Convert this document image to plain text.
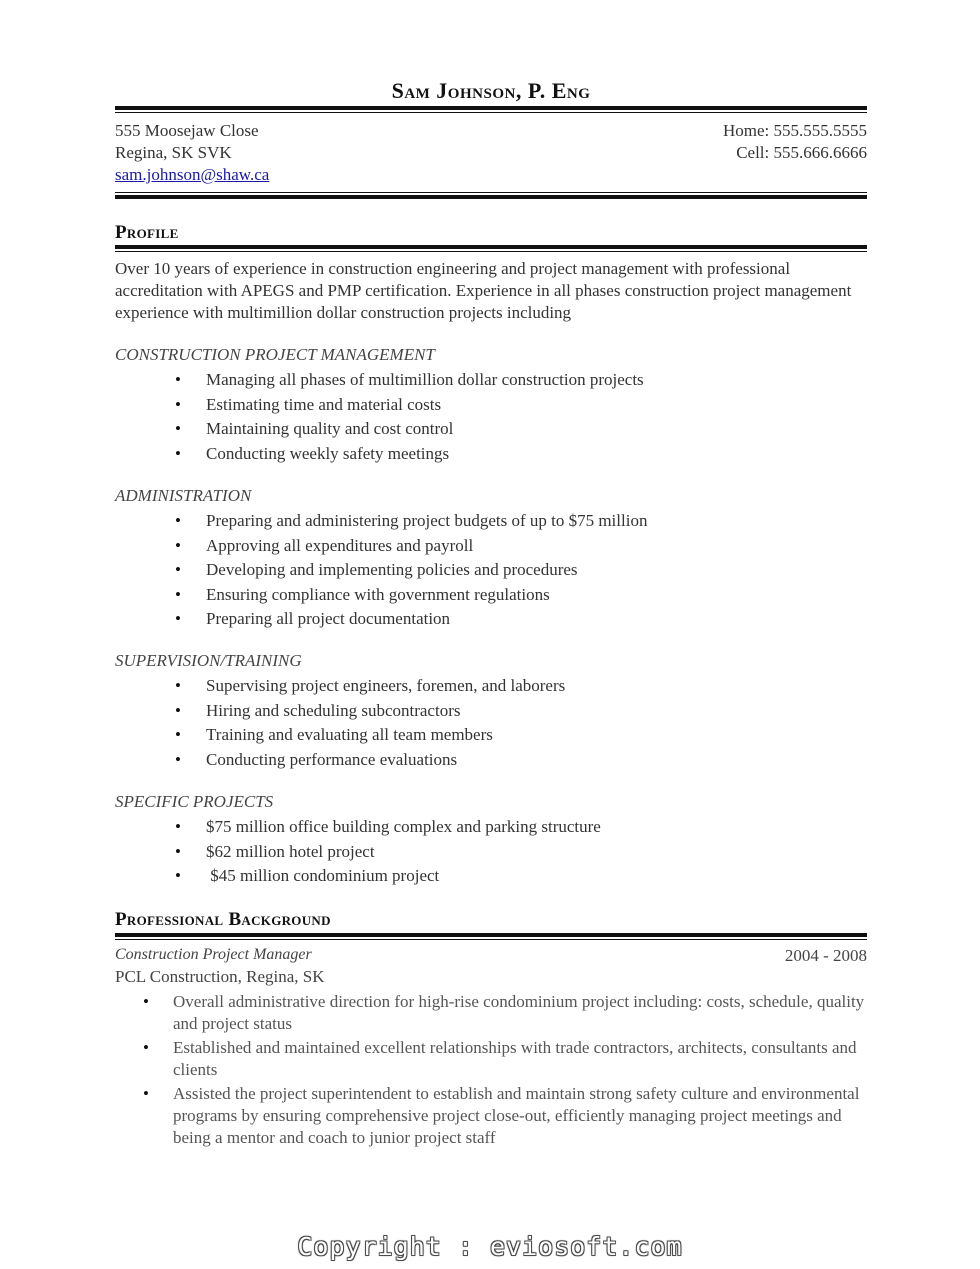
Sam Johnson, P. Eng
555 Moosejaw Close
Regina, SK SVK
sam.johnson@shaw.ca
Home: 555.555.5555
Cell: 555.666.6666
Profile
Over 10 years of experience in construction engineering and project management with professional accreditation with APEGS and PMP certification. Experience in all phases construction project management experience with multimillion dollar construction projects including
CONSTRUCTION PROJECT MANAGEMENT
• Managing all phases of multimillion dollar construction projects
• Estimating time and material costs
• Maintaining quality and cost control
• Conducting weekly safety meetings
ADMINISTRATION
• Preparing and administering project budgets of up to $75 million
• Approving all expenditures and payroll
• Developing and implementing policies and procedures
• Ensuring compliance with government regulations
• Preparing all project documentation
SUPERVISION/TRAINING
• Supervising project engineers, foremen, and laborers
• Hiring and scheduling subcontractors
• Training and evaluating all team members
• Conducting performance evaluations
SPECIFIC PROJECTS
• $75 million office building complex and parking structure
• $62 million hotel project
•  $45 million condominium project
Professional Background
Construction Project Manager	2004 - 2008
PCL Construction, Regina, SK
• Overall administrative direction for high-rise condominium project including: costs, schedule, quality and project status
• Established and maintained excellent relationships with trade contractors, architects, consultants and clients
• Assisted the project superintendent to establish and maintain strong safety culture and environmental programs by ensuring comprehensive project close-out, efficiently managing project meetings and being a mentor and coach to junior project staff
Copyright : eviosoft.com
